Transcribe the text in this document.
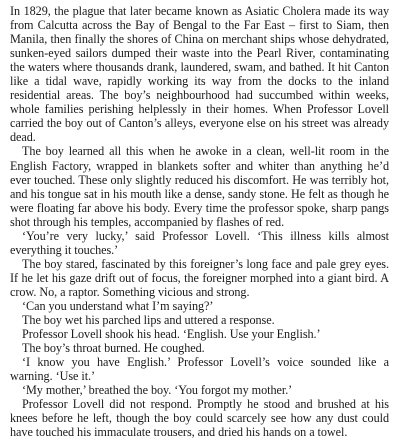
In 1829, the plague that later became known as Asiatic Cholera made its way from Calcutta across the Bay of Bengal to the Far East – first to Siam, then Manila, then finally the shores of China on merchant ships whose dehydrated, sunken-eyed sailors dumped their waste into the Pearl River, contaminating the waters where thousands drank, laundered, swam, and bathed. It hit Canton like a tidal wave, rapidly working its way from the docks to the inland residential areas. The boy’s neighbourhood had succumbed within weeks, whole families perishing helplessly in their homes. When Professor Lovell carried the boy out of Canton’s alleys, everyone else on his street was already dead.

The boy learned all this when he awoke in a clean, well-lit room in the English Factory, wrapped in blankets softer and whiter than anything he’d ever touched. These only slightly reduced his discomfort. He was terribly hot, and his tongue sat in his mouth like a dense, sandy stone. He felt as though he were floating far above his body. Every time the professor spoke, sharp pangs shot through his temples, accompanied by flashes of red.

‘You’re very lucky,’ said Professor Lovell. ‘This illness kills almost everything it touches.’

The boy stared, fascinated by this foreigner’s long face and pale grey eyes. If he let his gaze drift out of focus, the foreigner morphed into a giant bird. A crow. No, a raptor. Something vicious and strong.

‘Can you understand what I’m saying?’

The boy wet his parched lips and uttered a response.

Professor Lovell shook his head. ‘English. Use your English.’

The boy’s throat burned. He coughed.

‘I know you have English.’ Professor Lovell’s voice sounded like a warning. ‘Use it.’

‘My mother,’ breathed the boy. ‘You forgot my mother.’

Professor Lovell did not respond. Promptly he stood and brushed at his knees before he left, though the boy could scarcely see how any dust could have touched his immaculate trousers, and dried his hands on a towel.
